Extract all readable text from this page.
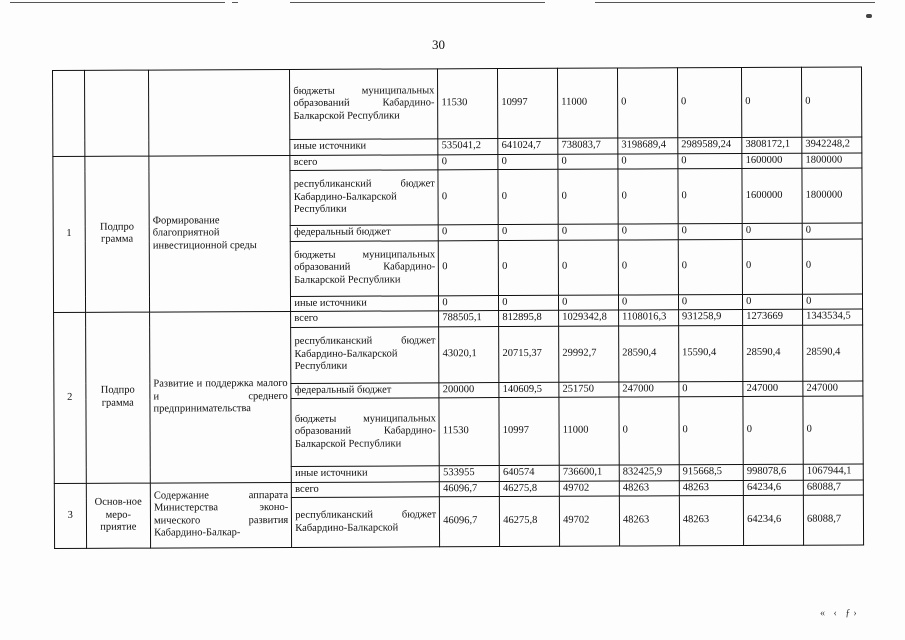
30
			бюджеты муниципальных образований Кабардино-Балкарской Республики	11530	10997	11000	0	0	0	0
			иные источники	535041,2	641024,7	738083,7	3198689,4	2989589,24	3808172,1	3942248,2
1	Подпро грамма	Формирование благоприятной инвестиционной среды	всего	0	0	0	0	0	1600000	1800000
			республиканский бюджет Кабардино-Балкарской Республики	0	0	0	0	0	1600000	1800000
			федеральный бюджет	0	0	0	0	0	0	0
			бюджеты муниципальных образований Кабардино-Балкарской Республики	0	0	0	0	0	0	0
			иные источники	0	0	0	0	0	0	0
2	Подпро грамма	Развитие и поддержка малого и среднего предпринимательства	всего	788505,1	812895,8	1029342,8	1108016,3	931258,9	1273669	1343534,5
			республиканский бюджет Кабардино-Балкарской Республики	43020,1	20715,37	29992,7	28590,4	15590,4	28590,4	28590,4
			федеральный бюджет	200000	140609,5	251750	247000	0	247000	247000
			бюджеты муниципальных образований Кабардино-Балкарской Республики	11530	10997	11000	0	0	0	0
			иные источники	533955	640574	736600,1	832425,9	915668,5	998078,6	1067944,1
3	Основ-ное меро-приятие	Содержание аппарата Министерства эконо-мического развития Кабардино-Балкар-	всего	46096,7	46275,8	49702	48263	48263	64234,6	68088,7
			республиканский бюджет Кабардино-Балкарской	46096,7	46275,8	49702	48263	48263	64234,6	68088,7
« ‹ ƒ›
